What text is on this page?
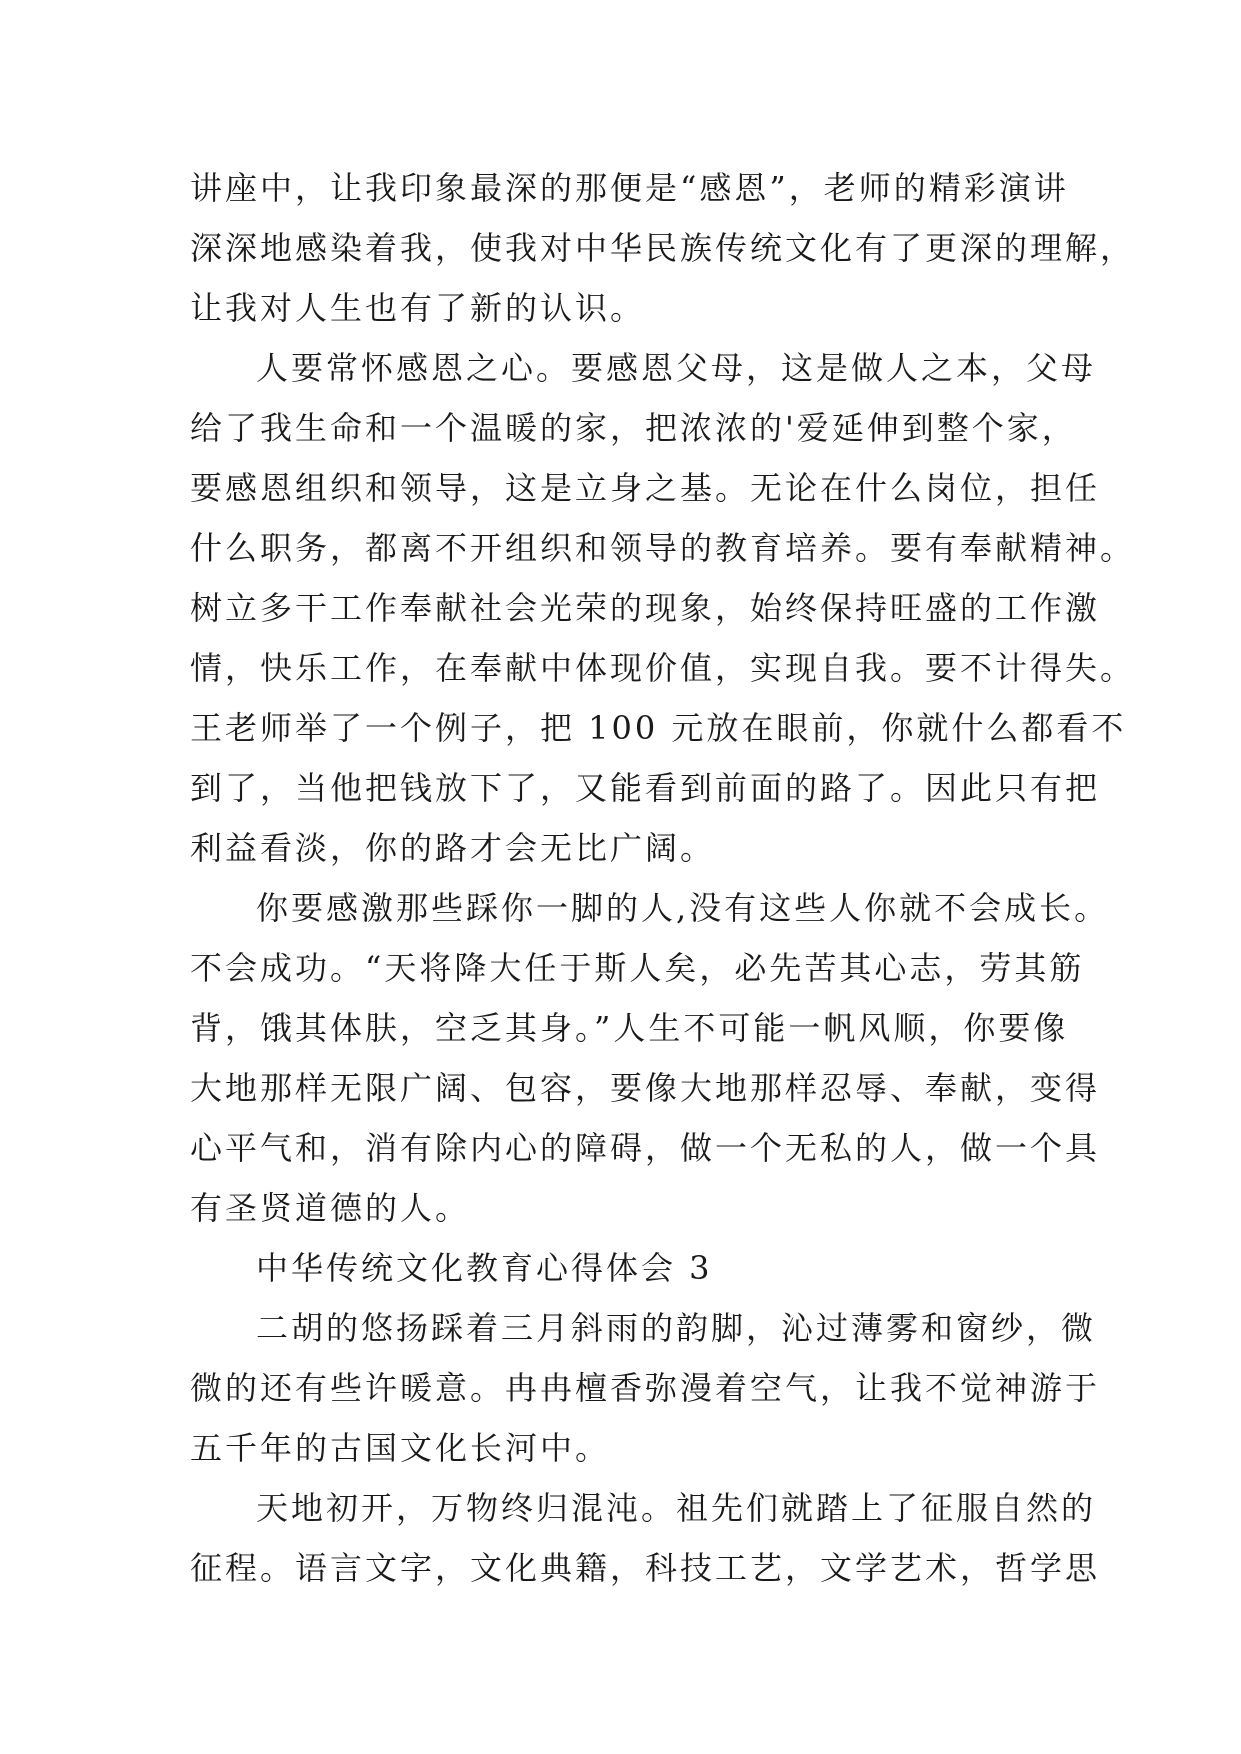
讲座中，让我印象最深的那便是“感恩”，老师的精彩演讲
深深地感染着我，使我对中华民族传统文化有了更深的理解，
让我对人生也有了新的认识。
人要常怀感恩之心。要感恩父母，这是做人之本，父母
给了我生命和一个温暖的家，把浓浓的'爱延伸到整个家，
要感恩组织和领导，这是立身之基。无论在什么岗位，担任
什么职务，都离不开组织和领导的教育培养。要有奉献精神。
树立多干工作奉献社会光荣的现象，始终保持旺盛的工作激
情，快乐工作，在奉献中体现价值，实现自我。要不计得失。
王老师举了一个例子，把 100 元放在眼前，你就什么都看不
到了，当他把钱放下了，又能看到前面的路了。因此只有把
利益看淡，你的路才会无比广阔。
你要感激那些踩你一脚的人,没有这些人你就不会成长。
不会成功。“天将降大任于斯人矣，必先苦其心志，劳其筋
背，饿其体肤，空乏其身。”人生不可能一帆风顺，你要像
大地那样无限广阔、包容，要像大地那样忍辱、奉献，变得
心平气和，消有除内心的障碍，做一个无私的人，做一个具
有圣贤道德的人。
中华传统文化教育心得体会 3
二胡的悠扬踩着三月斜雨的韵脚，沁过薄雾和窗纱，微
微的还有些许暖意。冉冉檀香弥漫着空气，让我不觉神游于
五千年的古国文化长河中。
天地初开，万物终归混沌。祖先们就踏上了征服自然的
征程。语言文字，文化典籍，科技工艺，文学艺术，哲学思
